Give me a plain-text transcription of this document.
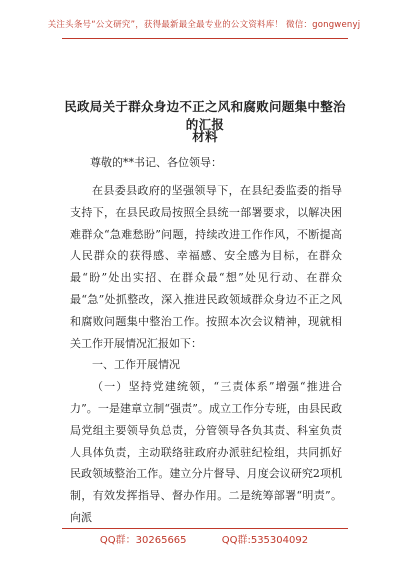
关注头条号“公文研究”，获得最新最全最专业的公文资料库！ 微信：gongwenyj
民政局关于群众身边不正之风和腐败问题集中整治的汇报
材料
尊敬的**书记、各位领导：

在县委县政府的坚强领导下，在县纪委监委的指导支持下，在县民政局按照全县统一部署要求，以解决困难群众“急难愁盼”问题，持续改进工作作风，不断提高人民群众的获得感、幸福感、安全感为目标，在群众最“盼”处出实招、在群众最“想”处见行动、在群众最“急”处抓整改，深入推进民政领域群众身边不正之风和腐败问题集中整治工作。按照本次会议精神，现就相关工作开展情况汇报如下：

一、工作开展情况

（一）坚持党建统领，“三责体系”增强“推进合力”。一是建章立制“强责”。成立工作分专班，由县民政局党组主要领导负总责，分管领导各负其责、科室负责人具体负责，主动联络驻政府办派驻纪检组，共同抓好民政领域整治工作。建立分片督导、月度会议研究2项机制，有效发挥指导、督办作用。二是统筹部署“明责”。向派

QQ群：30265665	QQ群:535304092
